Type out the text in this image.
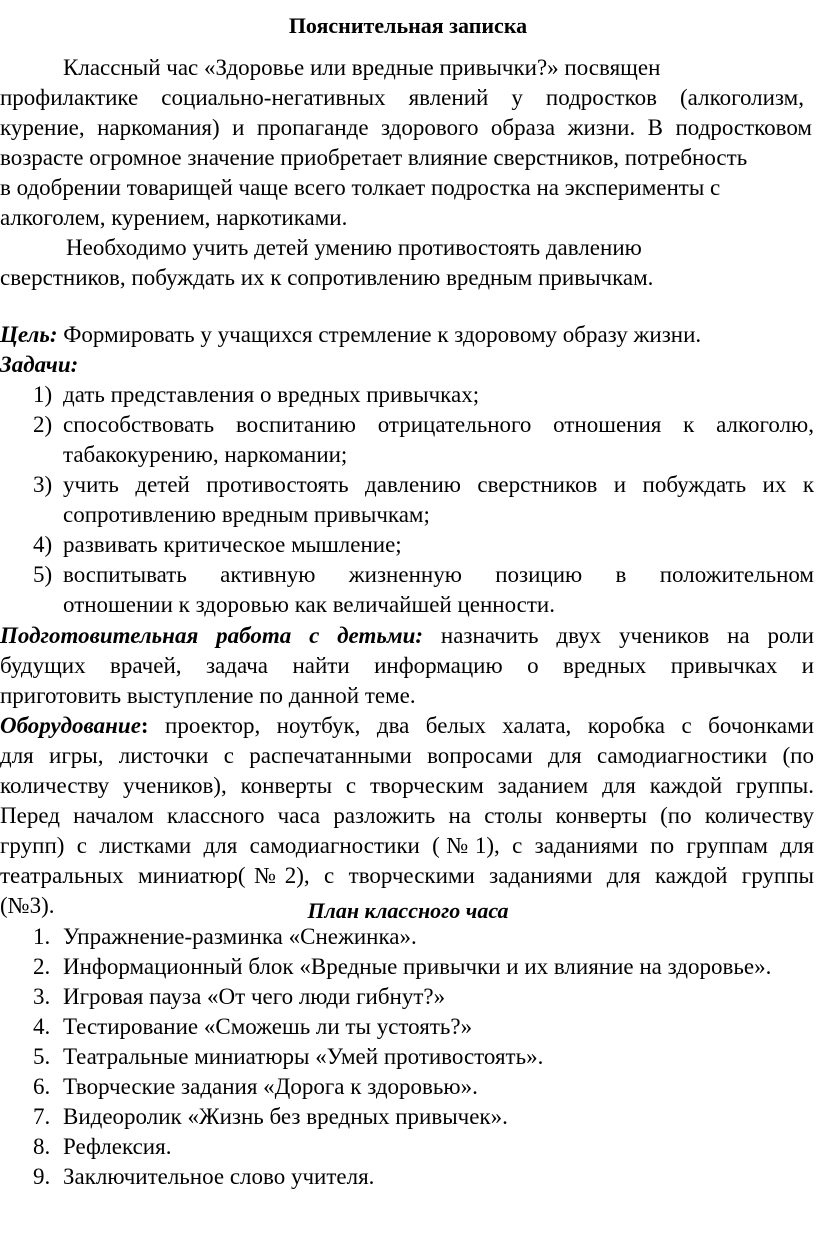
Пояснительная записка
Классный час «Здоровье или вредные привычки?» посвящен
профилактике социально-негативных явлений у подростков (алкоголизм,
курение, наркомания) и пропаганде здорового образа жизни. В подростковом
возрасте огромное значение приобретает влияние сверстников, потребность
в одобрении товарищей чаще всего толкает подростка на эксперименты с
алкоголем, курением, наркотиками.
Необходимо учить детей умению противостоять давлению
сверстников, побуждать их к сопротивлению вредным привычкам.
Цель: Формировать у учащихся стремление к здоровому образу жизни.
Задачи:
1) дать представления о вредных привычках;
2) способствовать воспитанию отрицательного отношения к алкоголю,
табакокурению, наркомании;
3) учить детей противостоять давлению сверстников и побуждать их к
сопротивлению вредным привычкам;
4) развивать критическое мышление;
5) воспитывать активную жизненную позицию в положительном
отношении к здоровью как величайшей ценности.
Подготовительная работа с детьми: назначить двух учеников на роли
будущих врачей, задача найти информацию о вредных привычках и
приготовить выступление по данной теме.
Оборудование: проектор, ноутбук, два белых халата, коробка с бочонками
для игры, листочки с распечатанными вопросами для самодиагностики (по
количеству учеников), конверты с творческим заданием для каждой группы.
Перед началом классного часа разложить на столы конверты (по количеству
групп) с листками для самодиагностики (№1), с заданиями по группам для
театральных миниатюр(№2), с творческими заданиями для каждой группы
(№3).	План классного часа
1. Упражнение-разминка «Снежинка».
2. Информационный блок «Вредные привычки и их влияние на здоровье».
3. Игровая пауза «От чего люди гибнут?»
4. Тестирование «Сможешь ли ты устоять?»
5. Театральные миниатюры «Умей противостоять».
6. Творческие задания «Дорога к здоровью».
7. Видеоролик «Жизнь без вредных привычек».
8. Рефлексия.
9. Заключительное слово учителя.
